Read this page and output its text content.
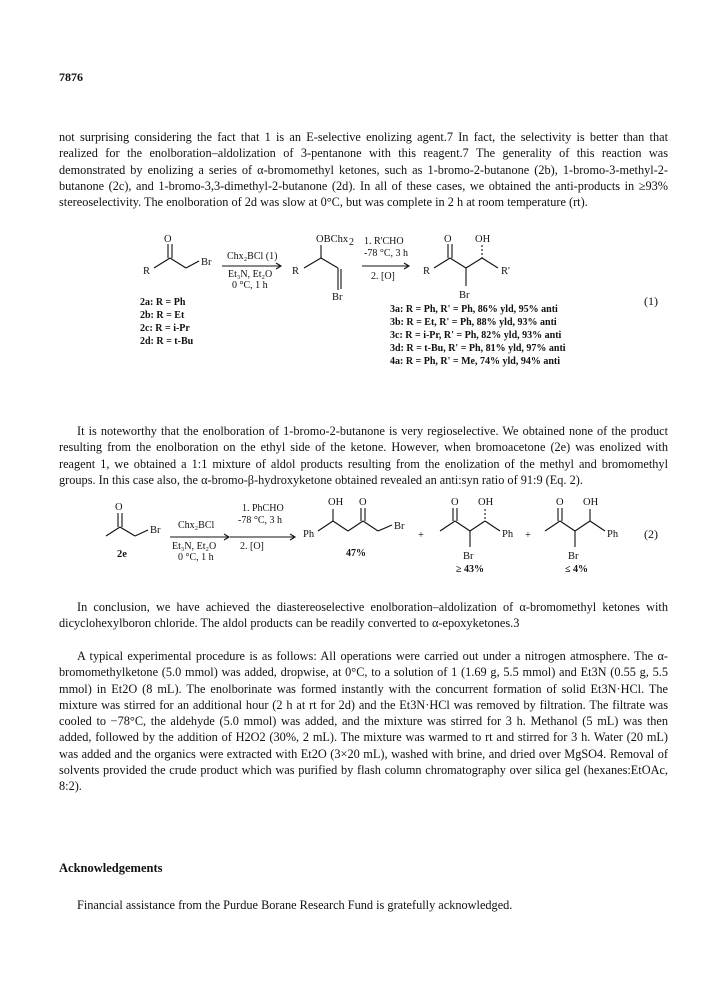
7876

not surprising considering the fact that 1 is an E-selective enolizing agent.7 In fact, the selectivity is better than that realized for the enolboration–aldolization of 3-pentanone with this reagent.7 The generality of this reaction was demonstrated by enolizing a series of α-bromomethyl ketones, such as 1-bromo-2-butanone (2b), 1-bromo-3-methyl-2-butanone (2c), and 1-bromo-3,3-dimethyl-2-butanone (2d). In all of these cases, we obtained the anti-products in ≥93% stereoselectivity. The enolboration of 2d was slow at 0°C, but was complete in 2 h at room temperature (rt).

O
Br
R
Chx₂BCl (1)
Et₃N, Et₂O
0 °C, 1 h
OBChx 2
R
Br
1. R'CHO
-78 °C, 3 h
2. [O]
O OH
R	R'
Br
2a: R = Ph
2b: R = Et
2c: R = i-Pr
2d: R = t-Bu
3a: R = Ph, R' = Ph, 86% yld, 95% anti
3b: R = Et, R' = Ph, 88% yld, 93% anti
3c: R = i-Pr, R' = Ph, 82% yld, 93% anti
3d: R = t-Bu, R' = Ph, 81% yld, 97% anti
4a: R = Ph, R' = Me, 74% yld, 94% anti
(1)

It is noteworthy that the enolboration of 1-bromo-2-butanone is very regioselective. We obtained none of the product resulting from the enolboration on the ethyl side of the ketone. However, when bromoacetone (2e) was enolized with reagent 1, we obtained a 1:1 mixture of aldol products resulting from the enolization of the methyl and bromomethyl groups. In this case also, the α-bromo-β-hydroxyketone obtained revealed an anti:syn ratio of 91:9 (Eq. 2).

O
Br
2e
Chx₂BCl
Et₃N, Et₂O
0 °C, 1 h
1. PhCHO
-78 °C, 3 h
2. [O]
OH O
Ph
Br
47%
+
O OH
Ph
Br
≥ 43%
+
O OH
Ph
Br
≤ 4%
(2)

In conclusion, we have achieved the diastereoselective enolboration–aldolization of α-bromomethyl ketones with dicyclohexylboron chloride. The aldol products can be readily converted to α-epoxyketones.3

A typical experimental procedure is as follows: All operations were carried out under a nitrogen atmosphere. The α-bromomethylketone (5.0 mmol) was added, dropwise, at 0°C, to a solution of 1 (1.69 g, 5.5 mmol) and Et3N (0.55 g, 5.5 mmol) in Et2O (8 mL). The enolborinate was formed instantly with the concurrent formation of solid Et3N·HCl. The mixture was stirred for an additional hour (2 h at rt for 2d) and the Et3N·HCl was removed by filtration. The filtrate was cooled to −78°C, the aldehyde (5.0 mmol) was added, and the mixture was stirred for 3 h. Methanol (5 mL) was then added, followed by the addition of H2O2 (30%, 2 mL). The mixture was warmed to rt and stirred for 3 h. Water (20 mL) was added and the organics were extracted with Et2O (3×20 mL), washed with brine, and dried over MgSO4. Removal of solvents provided the crude product which was purified by flash column chromatography over silica gel (hexanes:EtOAc, 8:2).

Acknowledgements

Financial assistance from the Purdue Borane Research Fund is gratefully acknowledged.
